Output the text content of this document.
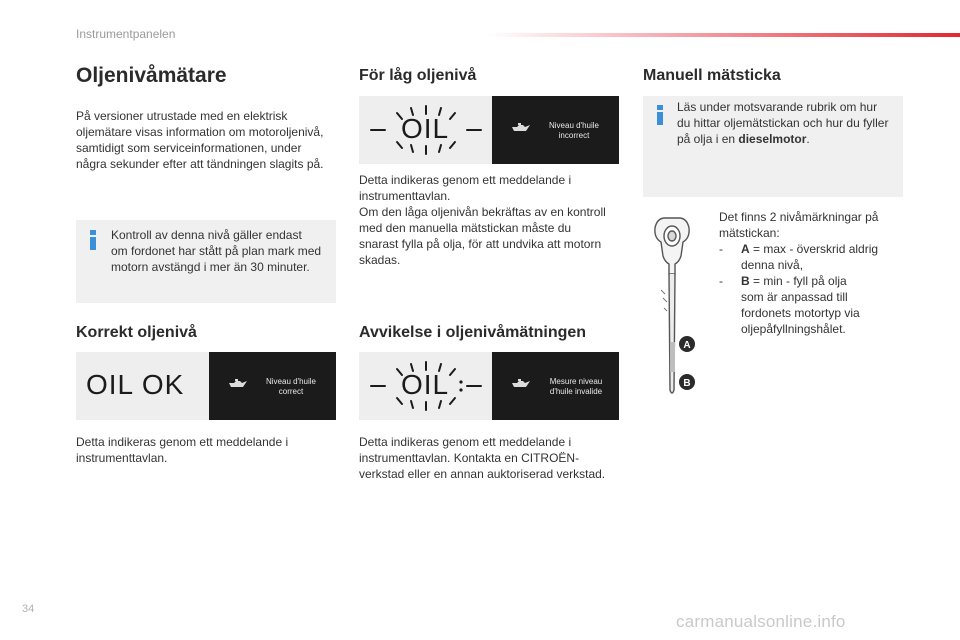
Instrumentpanelen
Oljenivåmätare
På versioner utrustade med en elektrisk
oljemätare visas information om motoroljenivå,
samtidigt som serviceinformationen, under
några sekunder efter att tändningen slagits på.
Kontroll av denna nivå gäller endast
om fordonet har stått på plan mark med
motorn avstängd i mer än 30 minuter.
Korrekt oljenivå
OIL OK	Niveau d'huile
correct
Detta indikeras genom ett meddelande i
instrumenttavlan.
För låg oljenivå
OIL	Niveau d'huile
incorrect
Detta indikeras genom ett meddelande i
instrumenttavlan.
Om den låga oljenivån bekräftas av en kontroll
med den manuella mätstickan måste du
snarast fylla på olja, för att undvika att motorn
skadas.
Avvikelse i oljenivåmätningen
OIL	Mesure niveau
d'huile invalide
Detta indikeras genom ett meddelande i
instrumenttavlan. Kontakta en CITROËN-
verkstad eller en annan auktoriserad verkstad.
Manuell mätsticka
Läs under motsvarande rubrik om hur
du hittar oljemätstickan och hur du fyller
på olja i en dieselmotor.
A
B
Det finns 2 nivåmärkningar på
mätstickan:
- A = max - överskrid aldrig
denna nivå,
- B = min - fyll på olja
som är anpassad till
fordonets motortyp via
oljepåfyllningshålet.
34
carmanualsonline.info
